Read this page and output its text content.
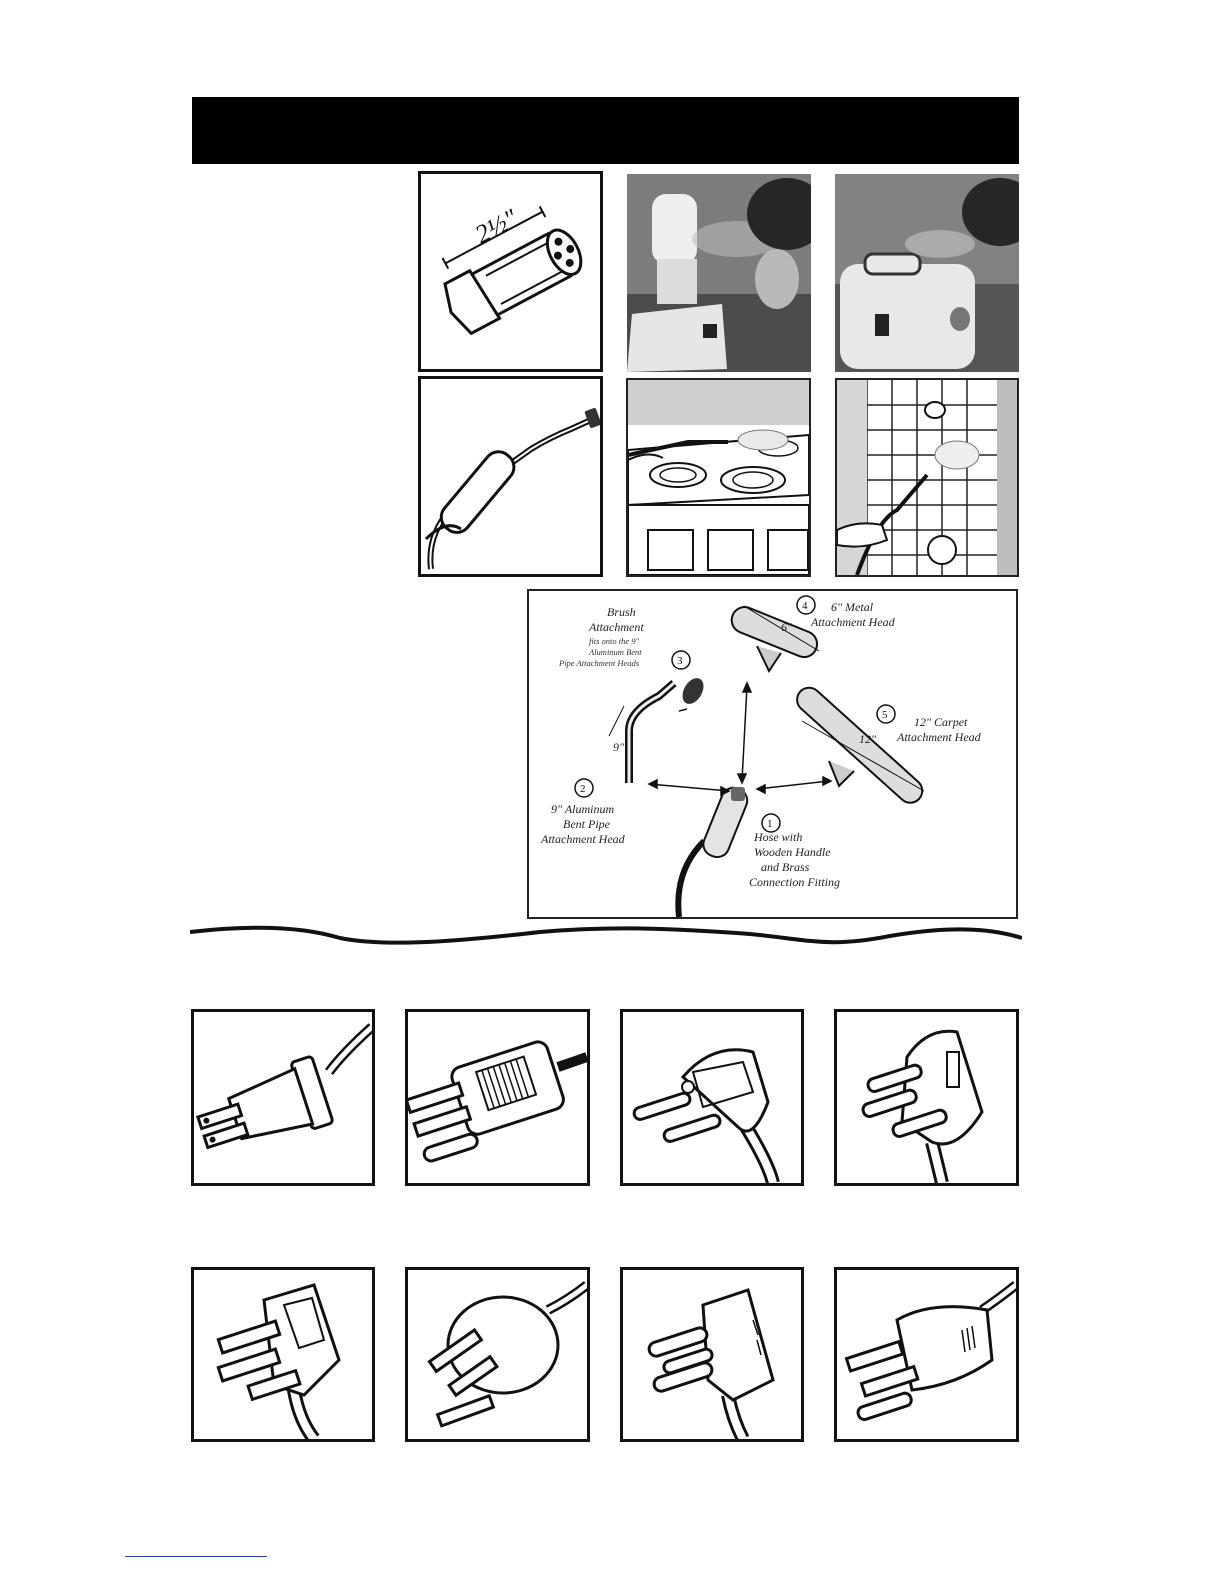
2½"
6"
12"
9"
1
2
3
4
5
Hose with
Wooden Handle
and Brass
Connection Fitting
9" Aluminum
Bent Pipe
Attachment Head
Brush
Attachment
fits onto the 9"
Aluminum Bent
Pipe Attachment Heads
6" Metal
Attachment Head
12" Carpet
Attachment Head
